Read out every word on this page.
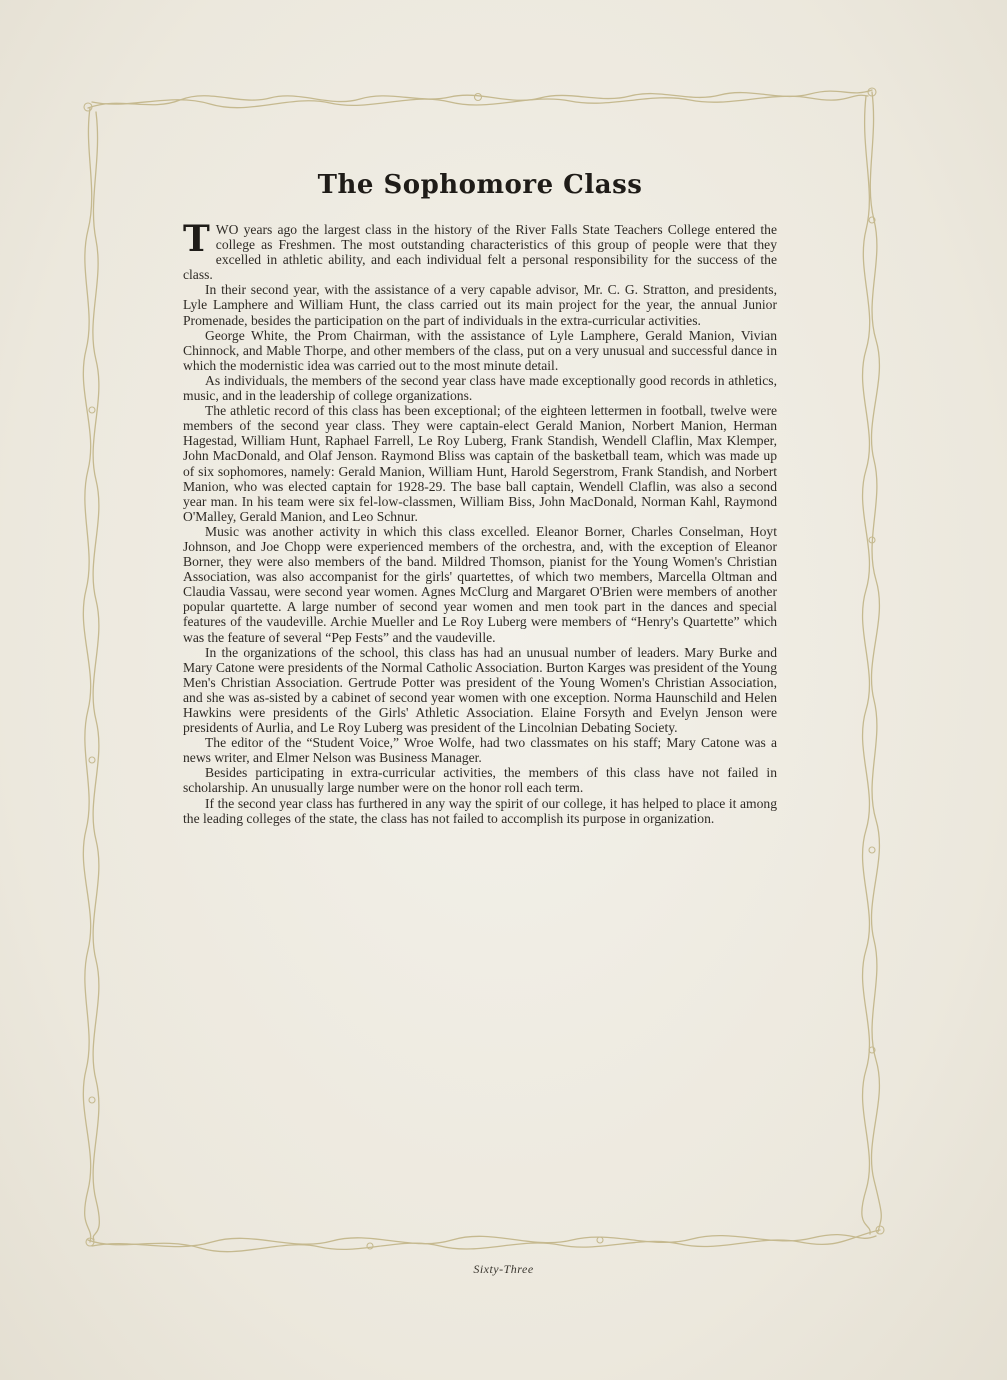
The Sophomore Class

TWO years ago the largest class in the history of the River Falls State Teachers College entered the college as Freshmen. The most outstanding characteristics of this group of people were that they excelled in athletic ability, and each individual felt a personal responsibility for the success of the class.

In their second year, with the assistance of a very capable advisor, Mr. C. G. Stratton, and presidents, Lyle Lamphere and William Hunt, the class carried out its main project for the year, the annual Junior Promenade, besides the participation on the part of individuals in the extra-curricular activities.

George White, the Prom Chairman, with the assistance of Lyle Lamphere, Gerald Manion, Vivian Chinnock, and Mable Thorpe, and other members of the class, put on a very unusual and successful dance in which the modernistic idea was carried out to the most minute detail.

As individuals, the members of the second year class have made exceptionally good records in athletics, music, and in the leadership of college organizations.

The athletic record of this class has been exceptional; of the eighteen lettermen in football, twelve were members of the second year class. They were captain-elect Gerald Manion, Norbert Manion, Herman Hagestad, William Hunt, Raphael Farrell, Le Roy Luberg, Frank Standish, Wendell Claflin, Max Klemper, John MacDonald, and Olaf Jenson. Raymond Bliss was captain of the basketball team, which was made up of six sophomores, namely: Gerald Manion, William Hunt, Harold Segerstrom, Frank Standish, and Norbert Manion, who was elected captain for 1928-29. The base ball captain, Wendell Claflin, was also a second year man. In his team were six fel-low-classmen, William Biss, John MacDonald, Norman Kahl, Raymond O'Malley, Gerald Manion, and Leo Schnur.

Music was another activity in which this class excelled. Eleanor Borner, Charles Conselman, Hoyt Johnson, and Joe Chopp were experienced members of the orchestra, and, with the exception of Eleanor Borner, they were also members of the band. Mildred Thomson, pianist for the Young Women's Christian Association, was also accompanist for the girls' quartettes, of which two members, Marcella Oltman and Claudia Vassau, were second year women. Agnes McClurg and Margaret O'Brien were members of another popular quartette. A large number of second year women and men took part in the dances and special features of the vaudeville. Archie Mueller and Le Roy Luberg were members of “Henry's Quartette” which was the feature of several “Pep Fests” and the vaudeville.

In the organizations of the school, this class has had an unusual number of leaders. Mary Burke and Mary Catone were presidents of the Normal Catholic Association. Burton Karges was president of the Young Men's Christian Association. Gertrude Potter was president of the Young Women's Christian Association, and she was as-sisted by a cabinet of second year women with one exception. Norma Haunschild and Helen Hawkins were presidents of the Girls' Athletic Association. Elaine Forsyth and Evelyn Jenson were presidents of Aurlia, and Le Roy Luberg was president of the Lincolnian Debating Society.

The editor of the “Student Voice,” Wroe Wolfe, had two classmates on his staff; Mary Catone was a news writer, and Elmer Nelson was Business Manager.

Besides participating in extra-curricular activities, the members of this class have not failed in scholarship. An unusually large number were on the honor roll each term.

If the second year class has furthered in any way the spirit of our college, it has helped to place it among the leading colleges of the state, the class has not failed to accomplish its purpose in organization.

Sixty-Three
